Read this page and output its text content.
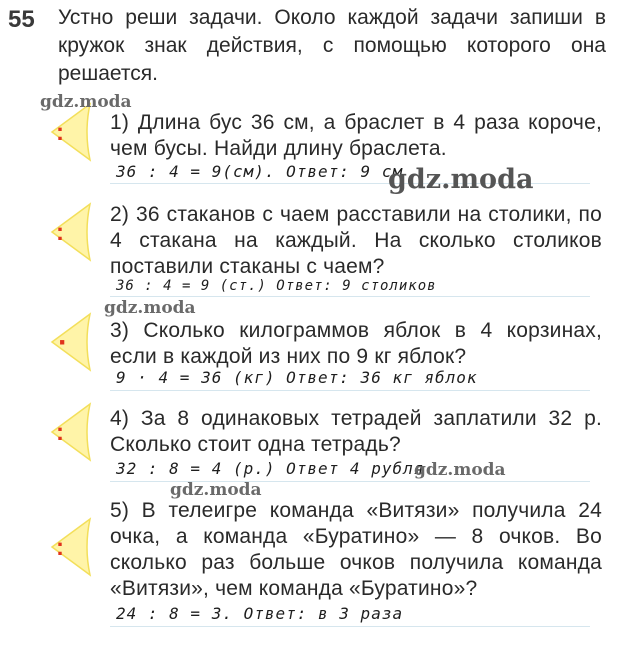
55 Устно реши задачи. Около каждой задачи запиши в кружок знак действия, с помощью которого она решается.
:
:
·
:
:
1) Длина бус 36 см, а браслет в 4 раза короче, чем бусы. Найди длину браслета.
36 : 4 = 9(см). Ответ: 9 см
2) 36 стаканов с чаем расставили на столики, по 4 стакана на каждый. На сколько столиков поставили стаканы с чаем?
36 : 4 = 9 (ст.) Ответ: 9 столиков
3) Сколько килограммов яблок в 4 корзинах, если в каждой из них по 9 кг яблок?
9 · 4 = 36 (кг) Ответ: 36 кг яблок
4) За 8 одинаковых тетрадей заплатили 32 р. Сколько стоит одна тетрадь?
32 : 8 = 4 (р.) Ответ 4 рубля
5) В телеигре команда «Витязи» получила 24 очка, а команда «Буратино» — 8 очков. Во сколько раз больше очков получила команда «Витязи», чем команда «Буратино»?
24 : 8 = 3. Ответ: в 3 раза
gdz.moda
gdz.moda
gdz.moda
gdz.moda
gdz.moda
